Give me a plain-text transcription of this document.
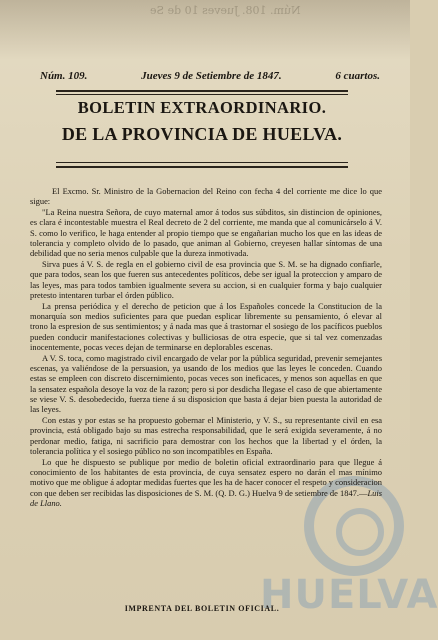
Núm. 108. Jueves 10 de Se
HUELVA
Núm. 109.	Jueves 9 de Setiembre de 1847.	6 cuartos.
BOLETIN EXTRAORDINARIO.
DE LA PROVINCIA DE HUELVA.

El Excmo. Sr. Ministro de la Gobernacion del Reino con fecha 4 del corriente me dice lo que sigue:

"La Reina nuestra Señora, de cuyo maternal amor á todos sus súbditos, sin distincion de opiniones, es clara é incontestable muestra el Real decreto de 2 del corriente, me manda que al comunicárselo á V. S. como lo verifico, le haga entender al propio tiempo que se engañarian mucho los que en las ideas de tolerancia y completo olvido de lo pasado, que animan al Gobierno, creyesen hallar síntomas de una debilidad que no seria menos culpable que la dureza inmotivada.

Sirva pues á V. S. de regla en el gobierno civil de esa provincia que S. M. se ha dignado confiarle, que para todos, sean los que fueren sus antecedentes políticos, debe ser igual la proteccion y amparo de las leyes, mas para todos tambien igualmente severa su accion, si en cualquier forma y bajo cualquier pretesto intentaren turbar el órden público.

La prensa periódica y el derecho de peticion que á los Españoles concede la Constitucion de la monarquía son medios suficientes para que puedan esplicar libremente su pensamiento, ó elevar al trono la espresion de sus sentimientos; y á nada mas que á trastornar el sosiego de los pacíficos pueblos pueden conducir manifestaciones colectivas y bulliciosas de otra especie, que si tal vez comenzadas inocentemente, pocas veces dejan de terminarse en deplorables escenas.

A V. S. toca, como magistrado civil encargado de velar por la pública seguridad, prevenir semejantes escenas, ya valiéndose de la persuasion, ya usando de los medios que las leyes le conceden. Cuando estas se empleen con discreto discernimiento, pocas veces son ineficaces, y menos son aquellas en que la sensatez española desoye la voz de la razon; pero si por desdicha llegase el caso de que abiertamente se viese V. S. desobedecido, fuerza tiene á su disposicion que basta á dejar bien puesta la autoridad de las leyes.

Con estas y por estas se ha propuesto gobernar el Ministerio, y V. S., su representante civil en esa provincia, está obligado bajo su mas estrecha responsabilidad, que le será exigida severamente, á no perdonar medio, fatiga, ni sacrificio para demostrar con los hechos que la libertad y el órden, la tolerancia política y el sosiego público no son incompatibles en España.

Lo que he dispuesto se publique por medio de boletin oficial extraordinario para que llegue á conocimiento de los habitantes de esta provincia, de cuya sensatez espero no darán el mas mínimo motivo que me obligue á adoptar medidas fuertes que les ha de hacer conocer el respeto y consideracion con que deben ser recibidas las disposiciones de S. M. (Q. D. G.) Huelva 9 de setiembre de 1847.—Luis de Llano.

IMPRENTA DEL BOLETIN OFICIAL.
